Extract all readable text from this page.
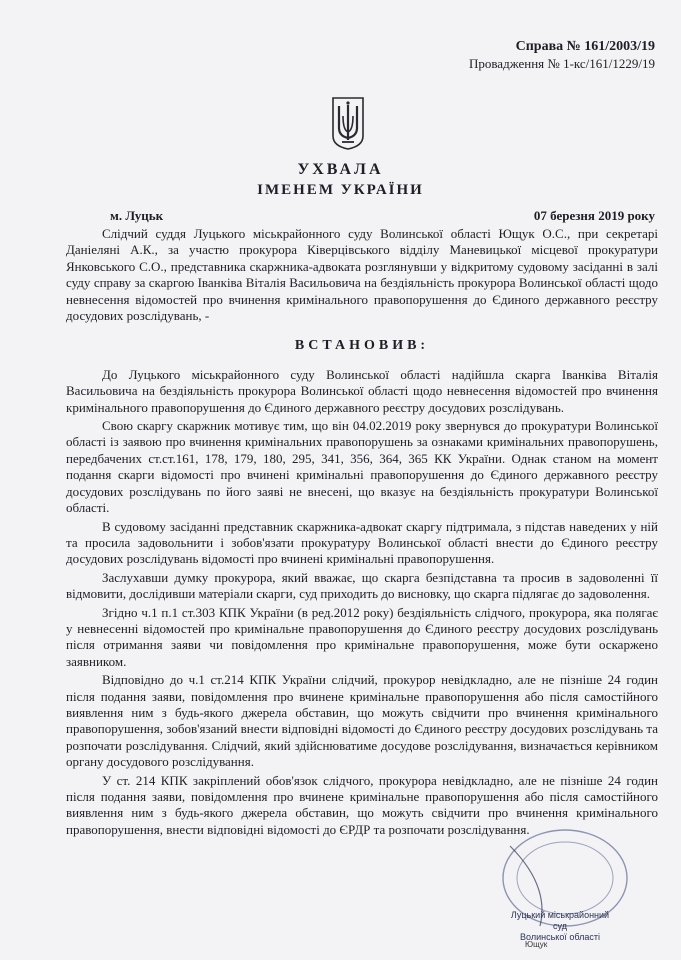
Справа № 161/2003/19
Провадження № 1-кс/161/1229/19
УХВАЛА
ІМЕНЕМ УКРАЇНИ
м. Луцьк	07 березня 2019 року

Слідчий суддя Луцького міськрайонного суду Волинської області Ющук О.С., при секретарі Даніеляні А.К., за участю прокурора Ківерцівського відділу Маневицької місцевої прокуратури Янковського С.О., представника скаржника-адвоката розглянувши у відкритому судовому засіданні в залі суду справу за скаргою Іванківа Віталія Васильовича на бездіяльність прокурора Волинської області щодо невнесення відомостей про вчинення кримінального правопорушення до Єдиного державного реєстру досудових розслідувань, -

ВСТАНОВИВ:

До Луцького міськрайонного суду Волинської області надійшла скарга Іванківа Віталія Васильовича на бездіяльність прокурора Волинської області щодо невнесення відомостей про вчинення кримінального правопорушення до Єдиного державного реєстру досудових розслідувань.

Свою скаргу скаржник мотивує тим, що він 04.02.2019 року звернувся до прокуратури Волинської області із заявою про вчинення кримінальних правопорушень за ознаками кримінальних правопорушень, передбачених ст.ст.161, 178, 179, 180, 295, 341, 356, 364, 365 КК України. Однак станом на момент подання скарги відомості про вчинені кримінальні правопорушення до Єдиного державного реєстру досудових розслідувань по його заяві не внесені, що вказує на бездіяльність прокуратури Волинської області.

В судовому засіданні представник скаржника-адвокат скаргу підтримала, з підстав наведених у ній та просила задовольнити і зобов'язати прокуратуру Волинської області внести до Єдиного реєстру досудових розслідувань відомості про вчинені кримінальні правопорушення.

Заслухавши думку прокурора, який вважає, що скарга безпідставна та просив в задоволенні її відмовити, дослідивши матеріали скарги, суд приходить до висновку, що скарга підлягає до задоволення.

Згідно ч.1 п.1 ст.303 КПК України (в ред.2012 року) бездіяльність слідчого, прокурора, яка полягає у невнесенні відомостей про кримінальне правопорушення до Єдиного реєстру досудових розслідувань після отримання заяви чи повідомлення про кримінальне правопорушення, може бути оскаржено заявником.

Відповідно до ч.1 ст.214 КПК України слідчий, прокурор невідкладно, але не пізніше 24 годин після подання заяви, повідомлення про вчинене кримінальне правопорушення або після самостійного виявлення ним з будь-якого джерела обставин, що можуть свідчити про вчинення кримінального правопорушення, зобов'язаний внести відповідні відомості до Єдиного реєстру досудових розслідувань та розпочати розслідування. Слідчий, який здійснюватиме досудове розслідування, визначається керівником органу досудового розслідування.

У ст. 214 КПК закріплений обов'язок слідчого, прокурора невідкладно, але не пізніше 24 годин після подання заяви, повідомлення про вчинене кримінальне правопорушення або після самостійного виявлення ним з будь-якого джерела обставин, що можуть свідчити про вчинення кримінального правопорушення, внести відповідні відомості до ЄРДР та розпочати розслідування.

Луцький міськрайонний суд
Волинської області
Ющук
